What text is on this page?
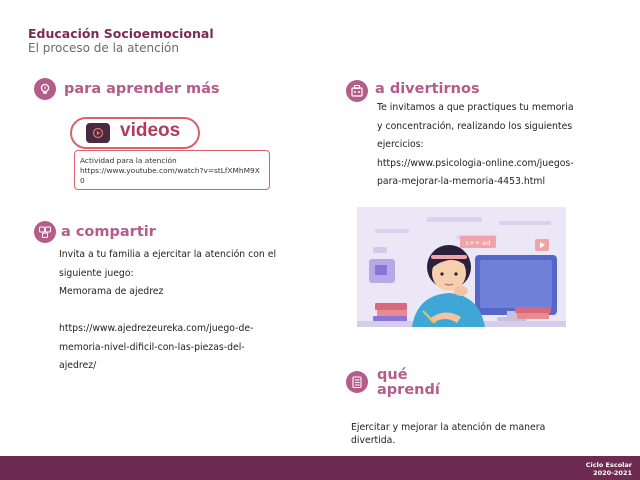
Educación Socioemocional
El proceso de la atención
para aprender más
videos
Actividad para la atención
https://www.youtube.com/watch?v=stLfXMhM9X0
a divertirnos
Te invitamos a que practiques tu memoria
y concentración, realizando los siguientes
ejercicios:
https://www.psicologia-online.com/juegos-
para-mejorar-la-memoria-4453.html
a compartir
Invita a tu familia a ejercitar la atención con el
siguiente juego:
Memorama de ajedrez
https://www.ajedrezeureka.com/juego-de-
memoria-nivel-dificil-con-las-piezas-del-
ajedrez/
c++ ed
qué
aprendí
Ejercitar y mejorar la atención de manera
divertida.
Ciclo Escolar
2020-2021
